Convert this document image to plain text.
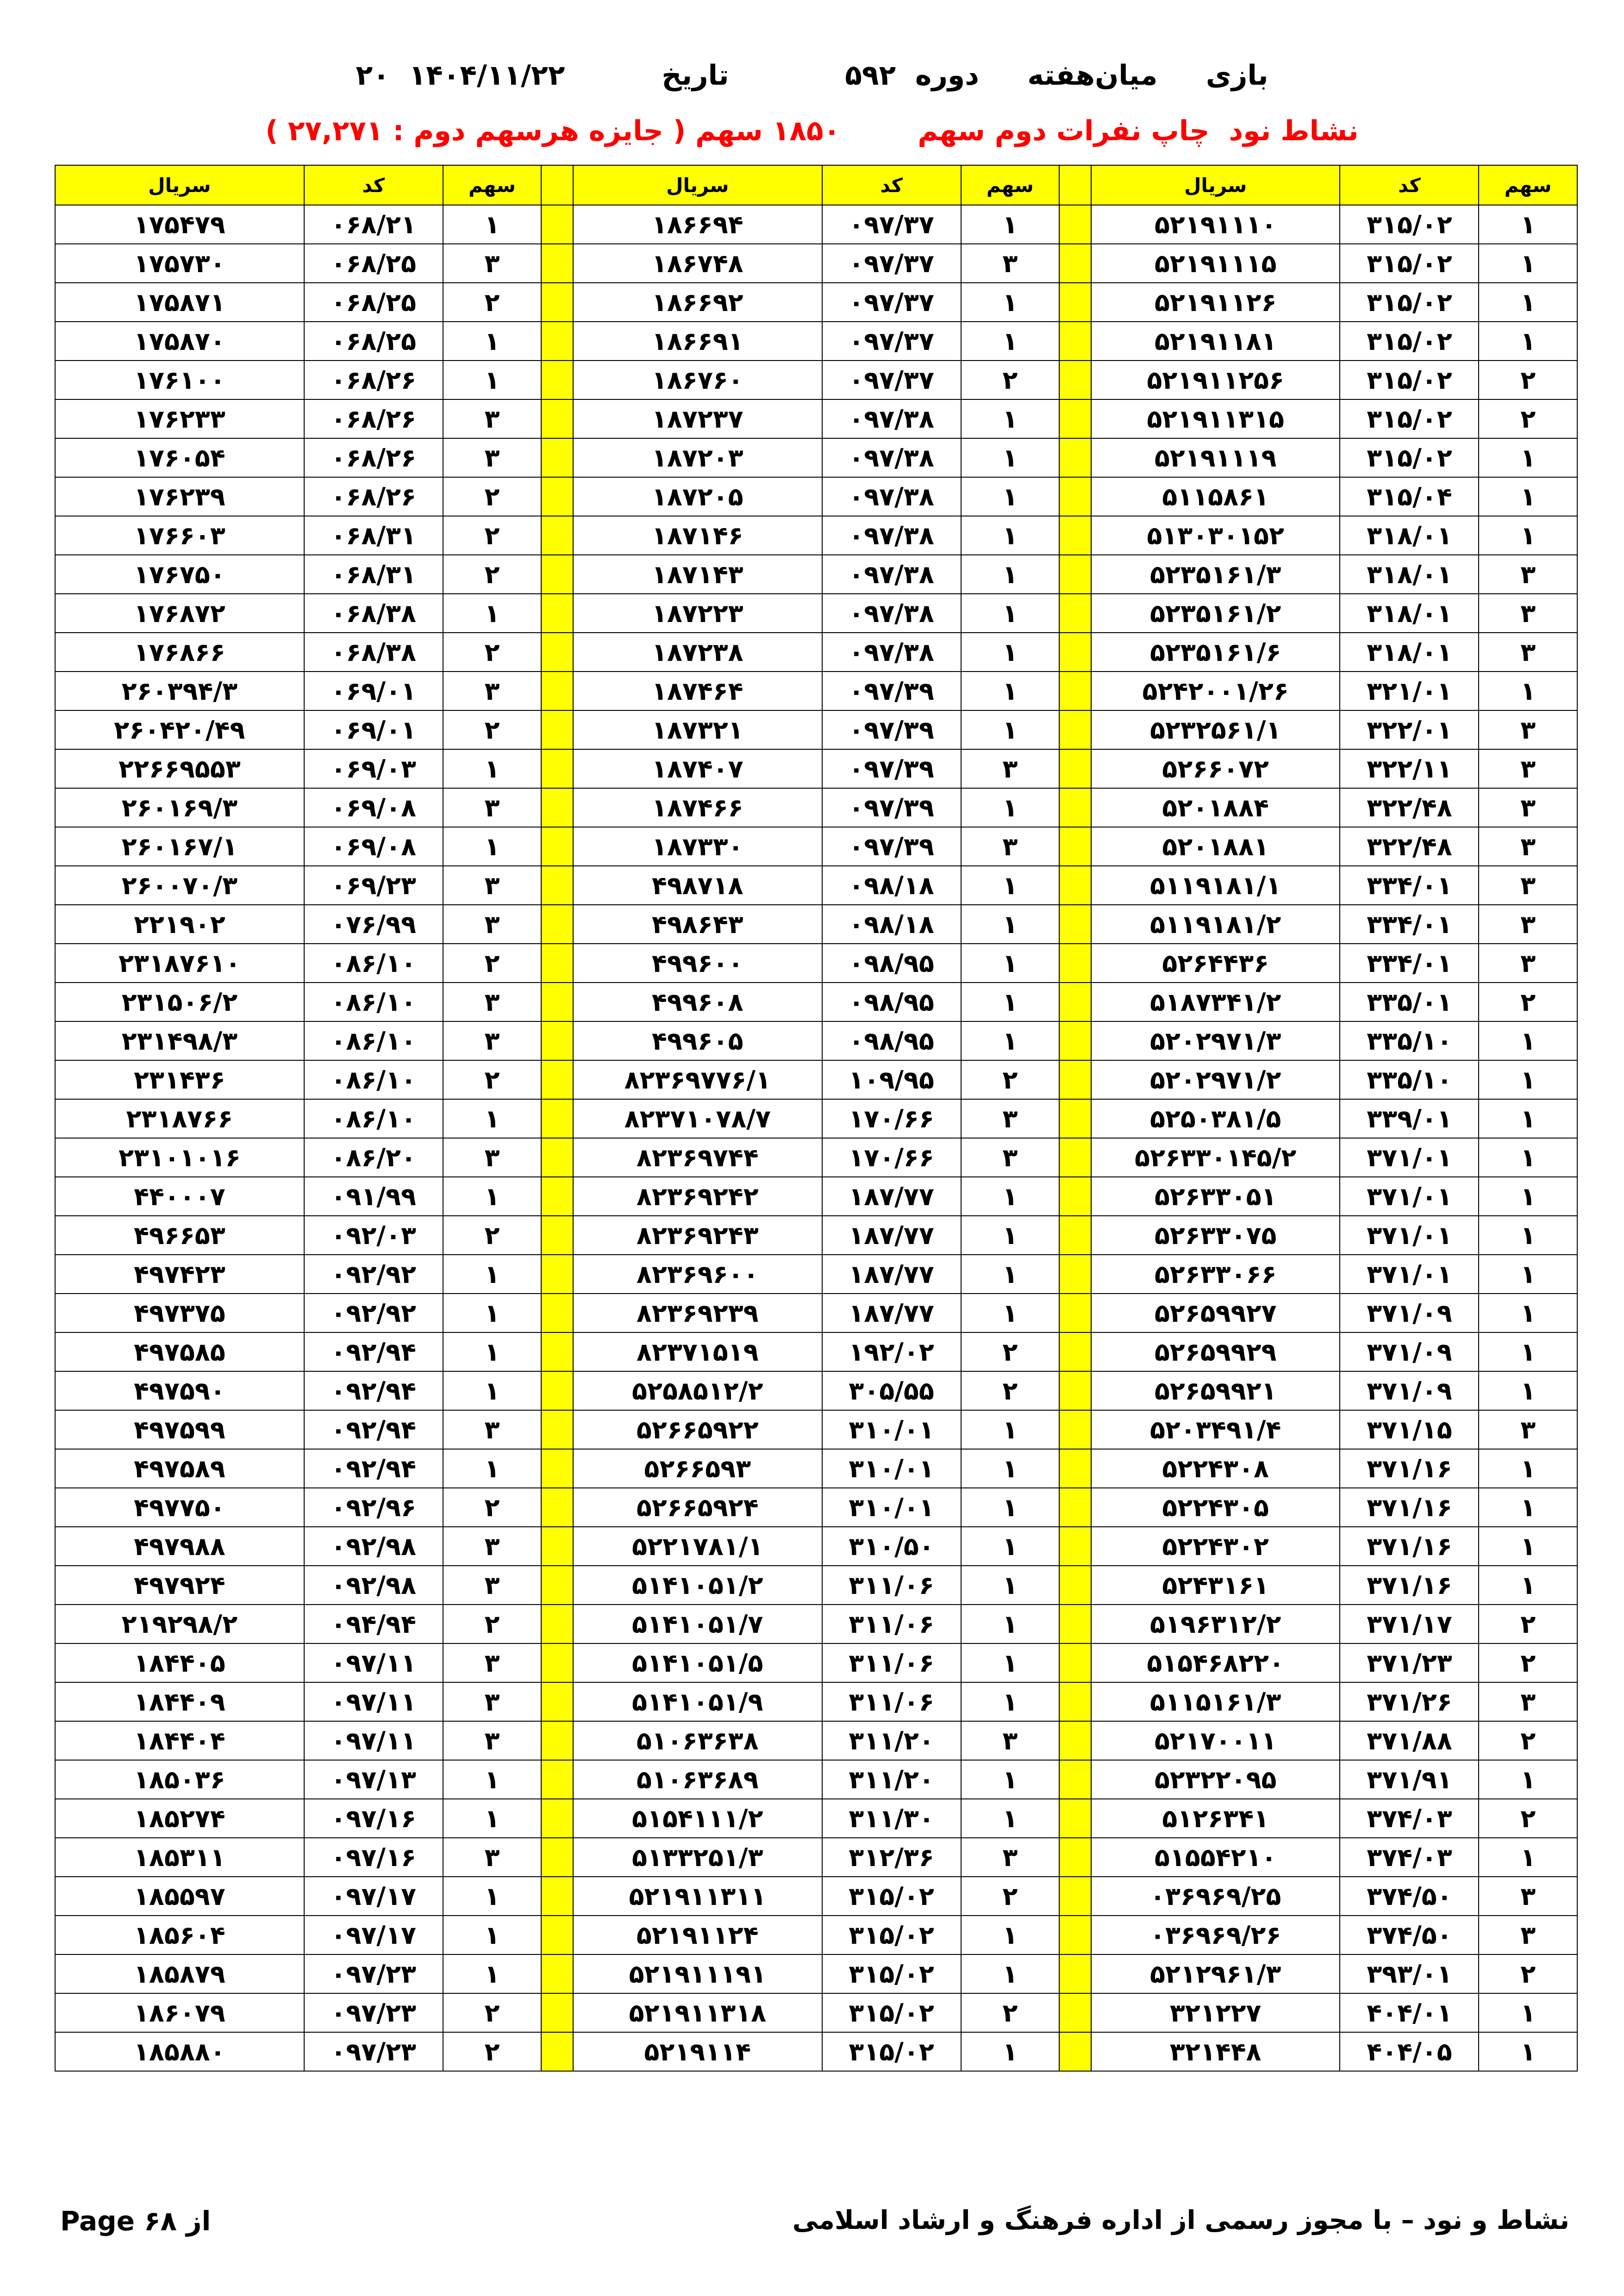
۲۰  بازی     میان‌هفته     دوره  ۵۹۲            تاریخ          ۱۴۰۴/۱۱/۲۲
( نشاط نود  چاپ نفرات دوم سهم        ۱۸۵۰ سهم ( جایزه هرسهم دوم : ۲۷,۲۷۱
سهم	کد	سریال		سهم	کد	سریال		سهم	کد	سریال
۱	۳۱۵/۰۲	۵۲۱۹۱۱۱۰		۱	۰۹۷/۳۷	۱۸۶۶۹۴		۱	۰۶۸/۲۱	۱۷۵۴۷۹
۱	۳۱۵/۰۲	۵۲۱۹۱۱۱۵		۳	۰۹۷/۳۷	۱۸۶۷۴۸		۳	۰۶۸/۲۵	۱۷۵۷۳۰
۱	۳۱۵/۰۲	۵۲۱۹۱۱۲۶		۱	۰۹۷/۳۷	۱۸۶۶۹۲		۲	۰۶۸/۲۵	۱۷۵۸۷۱
۱	۳۱۵/۰۲	۵۲۱۹۱۱۸۱		۱	۰۹۷/۳۷	۱۸۶۶۹۱		۱	۰۶۸/۲۵	۱۷۵۸۷۰
۲	۳۱۵/۰۲	۵۲۱۹۱۱۲۵۶		۲	۰۹۷/۳۷	۱۸۶۷۶۰		۱	۰۶۸/۲۶	۱۷۶۱۰۰
۲	۳۱۵/۰۲	۵۲۱۹۱۱۳۱۵		۱	۰۹۷/۳۸	۱۸۷۲۳۷		۳	۰۶۸/۲۶	۱۷۶۲۳۳
۱	۳۱۵/۰۲	۵۲۱۹۱۱۱۹		۱	۰۹۷/۳۸	۱۸۷۲۰۳		۳	۰۶۸/۲۶	۱۷۶۰۵۴
۱	۳۱۵/۰۴	۵۱۱۵۸۶۱		۱	۰۹۷/۳۸	۱۸۷۲۰۵		۲	۰۶۸/۲۶	۱۷۶۲۳۹
۱	۳۱۸/۰۱	۵۱۳۰۳۰۱۵۲		۱	۰۹۷/۳۸	۱۸۷۱۴۶		۲	۰۶۸/۳۱	۱۷۶۶۰۳
۳	۳۱۸/۰۱	۵۲۳۵۱۶۱/۳		۱	۰۹۷/۳۸	۱۸۷۱۴۳		۲	۰۶۸/۳۱	۱۷۶۷۵۰
۳	۳۱۸/۰۱	۵۲۳۵۱۶۱/۲		۱	۰۹۷/۳۸	۱۸۷۲۲۳		۱	۰۶۸/۳۸	۱۷۶۸۷۲
۳	۳۱۸/۰۱	۵۲۳۵۱۶۱/۶		۱	۰۹۷/۳۸	۱۸۷۲۳۸		۲	۰۶۸/۳۸	۱۷۶۸۶۶
۱	۳۲۱/۰۱	۵۲۴۲۰۰۱/۲۶		۱	۰۹۷/۳۹	۱۸۷۴۶۴		۳	۰۶۹/۰۱	۲۶۰۳۹۴/۳
۳	۳۲۲/۰۱	۵۲۳۲۵۶۱/۱		۱	۰۹۷/۳۹	۱۸۷۳۲۱		۲	۰۶۹/۰۱	۲۶۰۴۲۰/۴۹
۳	۳۲۲/۱۱	۵۲۶۶۰۷۲		۳	۰۹۷/۳۹	۱۸۷۴۰۷		۱	۰۶۹/۰۳	۲۲۶۶۹۵۵۳
۳	۳۲۲/۴۸	۵۲۰۱۸۸۴		۱	۰۹۷/۳۹	۱۸۷۴۶۶		۳	۰۶۹/۰۸	۲۶۰۱۶۹/۳
۳	۳۲۲/۴۸	۵۲۰۱۸۸۱		۳	۰۹۷/۳۹	۱۸۷۳۳۰		۱	۰۶۹/۰۸	۲۶۰۱۶۷/۱
۳	۳۳۴/۰۱	۵۱۱۹۱۸۱/۱		۱	۰۹۸/۱۸	۴۹۸۷۱۸		۳	۰۶۹/۲۳	۲۶۰۰۷۰/۳
۳	۳۳۴/۰۱	۵۱۱۹۱۸۱/۲		۱	۰۹۸/۱۸	۴۹۸۶۴۳		۳	۰۷۶/۹۹	۲۲۱۹۰۲
۳	۳۳۴/۰۱	۵۲۶۴۴۳۶		۱	۰۹۸/۹۵	۴۹۹۶۰۰		۲	۰۸۶/۱۰	۲۳۱۸۷۶۱۰
۲	۳۳۵/۰۱	۵۱۸۷۳۴۱/۲		۱	۰۹۸/۹۵	۴۹۹۶۰۸		۳	۰۸۶/۱۰	۲۳۱۵۰۶/۲
۱	۳۳۵/۱۰	۵۲۰۲۹۷۱/۳		۱	۰۹۸/۹۵	۴۹۹۶۰۵		۳	۰۸۶/۱۰	۲۳۱۴۹۸/۳
۱	۳۳۵/۱۰	۵۲۰۲۹۷۱/۲		۲	۱۰۹/۹۵	۸۲۳۶۹۷۷۶/۱		۲	۰۸۶/۱۰	۲۳۱۴۳۶
۱	۳۳۹/۰۱	۵۲۵۰۳۸۱/۵		۳	۱۷۰/۶۶	۸۲۳۷۱۰۷۸/۷		۱	۰۸۶/۱۰	۲۳۱۸۷۶۶
۱	۳۷۱/۰۱	۵۲۶۳۳۰۱۴۵/۲		۳	۱۷۰/۶۶	۸۲۳۶۹۷۴۴		۳	۰۸۶/۲۰	۲۳۱۰۱۰۱۶
۱	۳۷۱/۰۱	۵۲۶۳۳۰۵۱		۱	۱۸۷/۷۷	۸۲۳۶۹۲۴۲		۱	۰۹۱/۹۹	۴۴۰۰۰۷
۱	۳۷۱/۰۱	۵۲۶۳۳۰۷۵		۱	۱۸۷/۷۷	۸۲۳۶۹۲۴۳		۲	۰۹۲/۰۳	۴۹۶۶۵۳
۱	۳۷۱/۰۱	۵۲۶۳۳۰۶۶		۱	۱۸۷/۷۷	۸۲۳۶۹۶۰۰		۱	۰۹۲/۹۲	۴۹۷۴۲۳
۱	۳۷۱/۰۹	۵۲۶۵۹۹۲۷		۱	۱۸۷/۷۷	۸۲۳۶۹۲۳۹		۱	۰۹۲/۹۲	۴۹۷۳۷۵
۱	۳۷۱/۰۹	۵۲۶۵۹۹۲۹		۲	۱۹۲/۰۲	۸۲۳۷۱۵۱۹		۱	۰۹۲/۹۴	۴۹۷۵۸۵
۱	۳۷۱/۰۹	۵۲۶۵۹۹۲۱		۲	۳۰۵/۵۵	۵۲۵۸۵۱۲/۲		۱	۰۹۲/۹۴	۴۹۷۵۹۰
۳	۳۷۱/۱۵	۵۲۰۳۴۹۱/۴		۱	۳۱۰/۰۱	۵۲۶۶۵۹۲۲		۳	۰۹۲/۹۴	۴۹۷۵۹۹
۱	۳۷۱/۱۶	۵۲۲۴۳۰۸		۱	۳۱۰/۰۱	۵۲۶۶۵۹۳		۱	۰۹۲/۹۴	۴۹۷۵۸۹
۱	۳۷۱/۱۶	۵۲۲۴۳۰۵		۱	۳۱۰/۰۱	۵۲۶۶۵۹۲۴		۲	۰۹۲/۹۶	۴۹۷۷۵۰
۱	۳۷۱/۱۶	۵۲۲۴۳۰۲		۱	۳۱۰/۵۰	۵۲۲۱۷۸۱/۱		۳	۰۹۲/۹۸	۴۹۷۹۸۸
۱	۳۷۱/۱۶	۵۲۴۳۱۶۱		۱	۳۱۱/۰۶	۵۱۴۱۰۵۱/۲		۳	۰۹۲/۹۸	۴۹۷۹۲۴
۲	۳۷۱/۱۷	۵۱۹۶۳۱۲/۲		۱	۳۱۱/۰۶	۵۱۴۱۰۵۱/۷		۲	۰۹۴/۹۴	۲۱۹۲۹۸/۲
۲	۳۷۱/۲۳	۵۱۵۴۶۸۲۲۰		۱	۳۱۱/۰۶	۵۱۴۱۰۵۱/۵		۳	۰۹۷/۱۱	۱۸۴۴۰۵
۳	۳۷۱/۲۶	۵۱۱۵۱۶۱/۳		۱	۳۱۱/۰۶	۵۱۴۱۰۵۱/۹		۳	۰۹۷/۱۱	۱۸۴۴۰۹
۲	۳۷۱/۸۸	۵۲۱۷۰۰۱۱		۳	۳۱۱/۲۰	۵۱۰۶۳۶۳۸		۳	۰۹۷/۱۱	۱۸۴۴۰۴
۱	۳۷۱/۹۱	۵۲۳۲۲۰۹۵		۱	۳۱۱/۲۰	۵۱۰۶۳۶۸۹		۱	۰۹۷/۱۳	۱۸۵۰۳۶
۲	۳۷۴/۰۳	۵۱۲۶۳۴۱		۱	۳۱۱/۳۰	۵۱۵۴۱۱۱/۲		۱	۰۹۷/۱۶	۱۸۵۲۷۴
۱	۳۷۴/۰۳	۵۱۵۵۴۲۱۰		۳	۳۱۲/۳۶	۵۱۳۳۲۵۱/۳		۳	۰۹۷/۱۶	۱۸۵۳۱۱
۳	۳۷۴/۵۰	۰۳۶۹۶۹/۲۵		۲	۳۱۵/۰۲	۵۲۱۹۱۱۳۱۱		۱	۰۹۷/۱۷	۱۸۵۵۹۷
۳	۳۷۴/۵۰	۰۳۶۹۶۹/۲۶		۱	۳۱۵/۰۲	۵۲۱۹۱۱۲۴		۱	۰۹۷/۱۷	۱۸۵۶۰۴
۲	۳۹۳/۰۱	۵۲۱۲۹۶۱/۳		۱	۳۱۵/۰۲	۵۲۱۹۱۱۱۹۱		۱	۰۹۷/۲۳	۱۸۵۸۷۹
۱	۴۰۴/۰۱	۳۲۱۲۲۷		۲	۳۱۵/۰۲	۵۲۱۹۱۱۳۱۸		۲	۰۹۷/۲۳	۱۸۶۰۷۹
۱	۴۰۴/۰۵	۳۲۱۴۴۸		۱	۳۱۵/۰۲	۵۲۱۹۱۱۴		۲	۰۹۷/۲۳	۱۸۵۸۸۰
Page ۶۸ از	نشاط و نود – با مجوز رسمی از اداره فرهنگ و ارشاد اسلامی
